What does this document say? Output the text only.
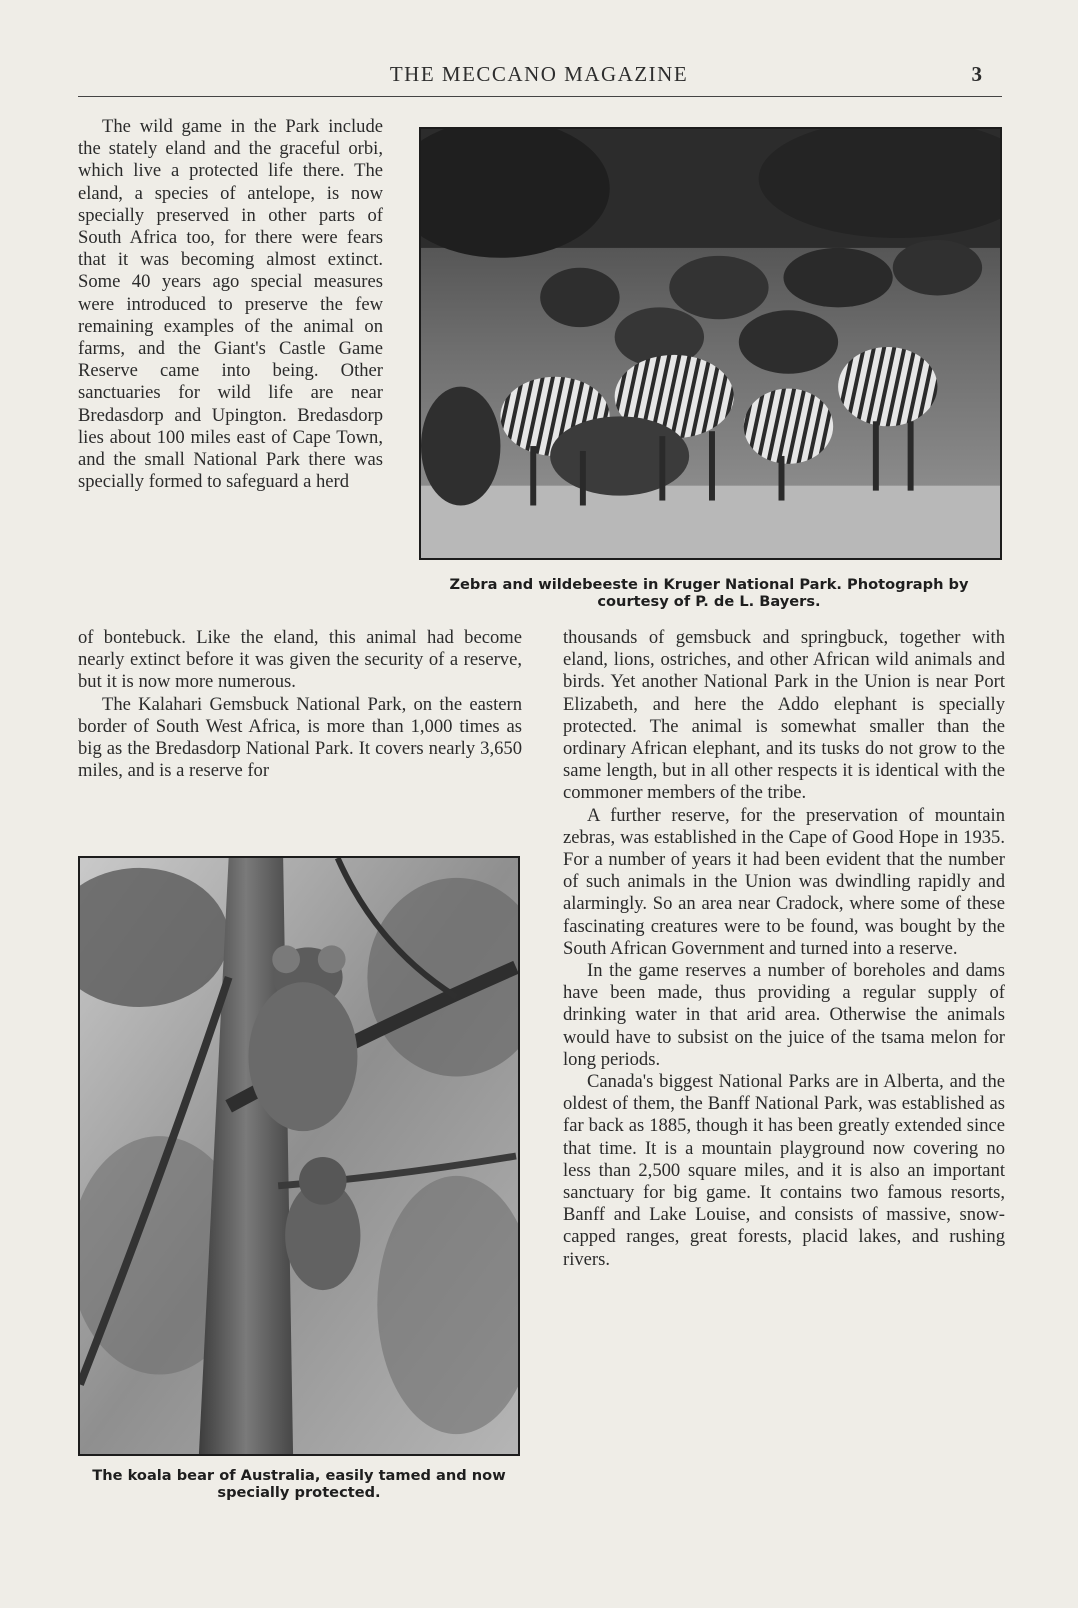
THE MECCANO MAGAZINE	3

The wild game in the Park include the stately eland and the graceful orbi, which live a protected life there. The eland, a species of antelope, is now specially preserved in other parts of South Africa too, for there were fears that it was becoming almost extinct. Some 40 years ago special measures were introduced to preserve the few remaining examples of the animal on farms, and the Giant's Castle Game Reserve came into being. Other sanctuaries for wild life are near Bredasdorp and Upington. Bredasdorp lies about 100 miles east of Cape Town, and the small National Park there was specially formed to safeguard a herd

Zebra and wildebeeste in Kruger National Park. Photograph by courtesy of P. de L. Bayers.

of bontebuck. Like the eland, this animal had become nearly extinct before it was given the security of a reserve, but it is now more numerous.

The Kalahari Gemsbuck National Park, on the eastern border of South West Africa, is more than 1,000 times as big as the Bredasdorp National Park. It covers nearly 3,650 miles, and is a reserve for

The koala bear of Australia, easily tamed and now specially protected.

thousands of gemsbuck and springbuck, together with eland, lions, ostriches, and other African wild animals and birds. Yet another National Park in the Union is near Port Elizabeth, and here the Addo elephant is specially protected. The animal is somewhat smaller than the ordinary African elephant, and its tusks do not grow to the same length, but in all other respects it is identical with the commoner members of the tribe.

A further reserve, for the preservation of mountain zebras, was established in the Cape of Good Hope in 1935. For a number of years it had been evident that the number of such animals in the Union was dwindling rapidly and alarmingly. So an area near Cradock, where some of these fascinating creatures were to be found, was bought by the South African Government and turned into a reserve.

In the game reserves a number of boreholes and dams have been made, thus providing a regular supply of drinking water in that arid area. Otherwise the animals would have to subsist on the juice of the tsama melon for long periods.

Canada's biggest National Parks are in Alberta, and the oldest of them, the Banff National Park, was established as far back as 1885, though it has been greatly extended since that time. It is a mountain playground now covering no less than 2,500 square miles, and it is also an important sanctuary for big game. It contains two famous resorts, Banff and Lake Louise, and consists of massive, snow-capped ranges, great forests, placid lakes, and rushing rivers.
